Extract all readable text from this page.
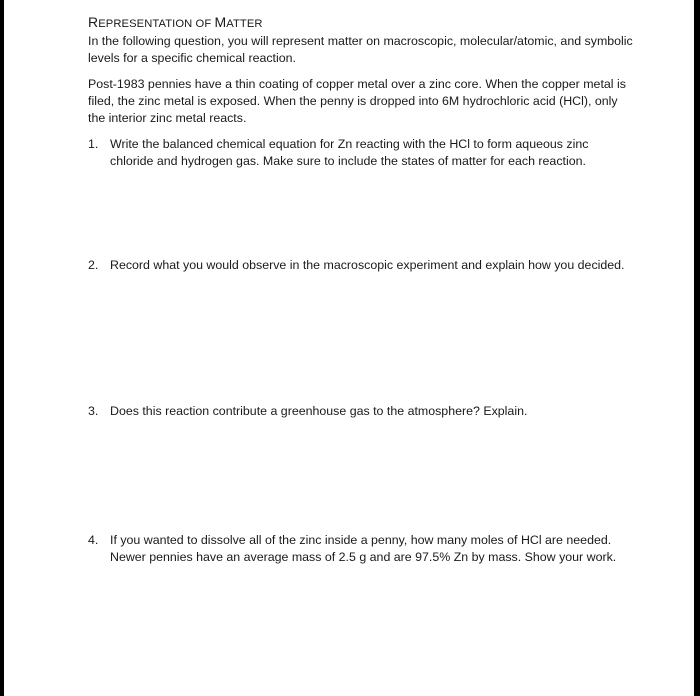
REPRESENTATION OF MATTER

In the following question, you will represent matter on macroscopic, molecular/atomic, and symbolic levels for a specific chemical reaction.

Post-1983 pennies have a thin coating of copper metal over a zinc core. When the copper metal is filed, the zinc metal is exposed. When the penny is dropped into 6M hydrochloric acid (HCl), only the interior zinc metal reacts.

1. Write the balanced chemical equation for Zn reacting with the HCl to form aqueous zinc chloride and hydrogen gas. Make sure to include the states of matter for each reaction.
2. Record what you would observe in the macroscopic experiment and explain how you decided.
3. Does this reaction contribute a greenhouse gas to the atmosphere? Explain.
4. If you wanted to dissolve all of the zinc inside a penny, how many moles of HCl are needed. Newer pennies have an average mass of 2.5 g and are 97.5% Zn by mass. Show your work.
